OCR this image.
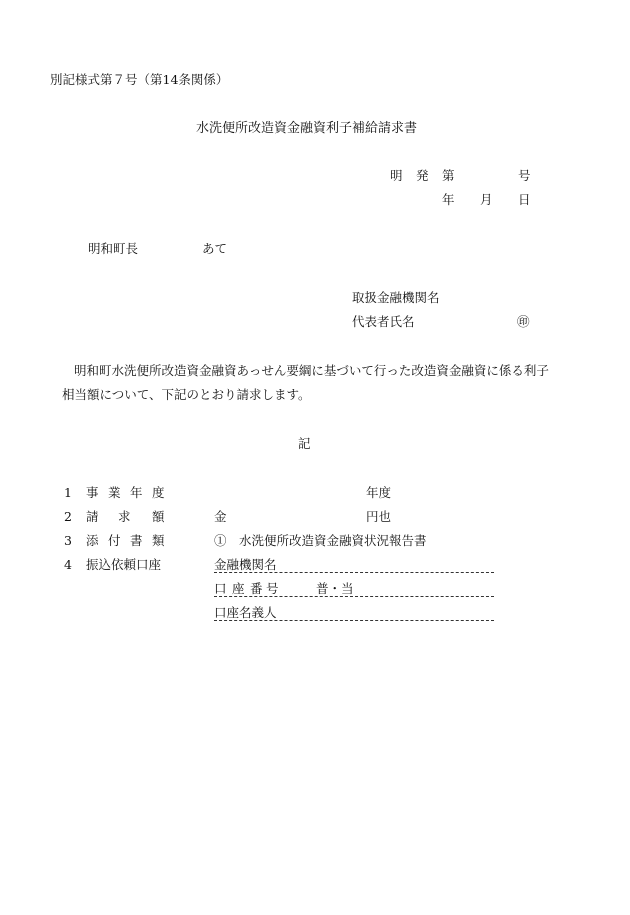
別記様式第７号（第14条関係）
水洗便所改造資金融資利子補給請求書
明 発 第	号
年 月 日
明和町長	あて
取扱金融機関名
代表者氏名	㊞
明和町水洗便所改造資金融資あっせん要綱に基づいて行った改造資金融資に係る利子
相当額について、下記のとおり請求します。
記
1 事 業 年 度	年度
2 請 求 額	金	円也
3 添 付 書 類	①　水洗便所改造資金融資状況報告書
4 振込依頼口座	金融機関名
口 座 番 号	普・当
口座名義人
